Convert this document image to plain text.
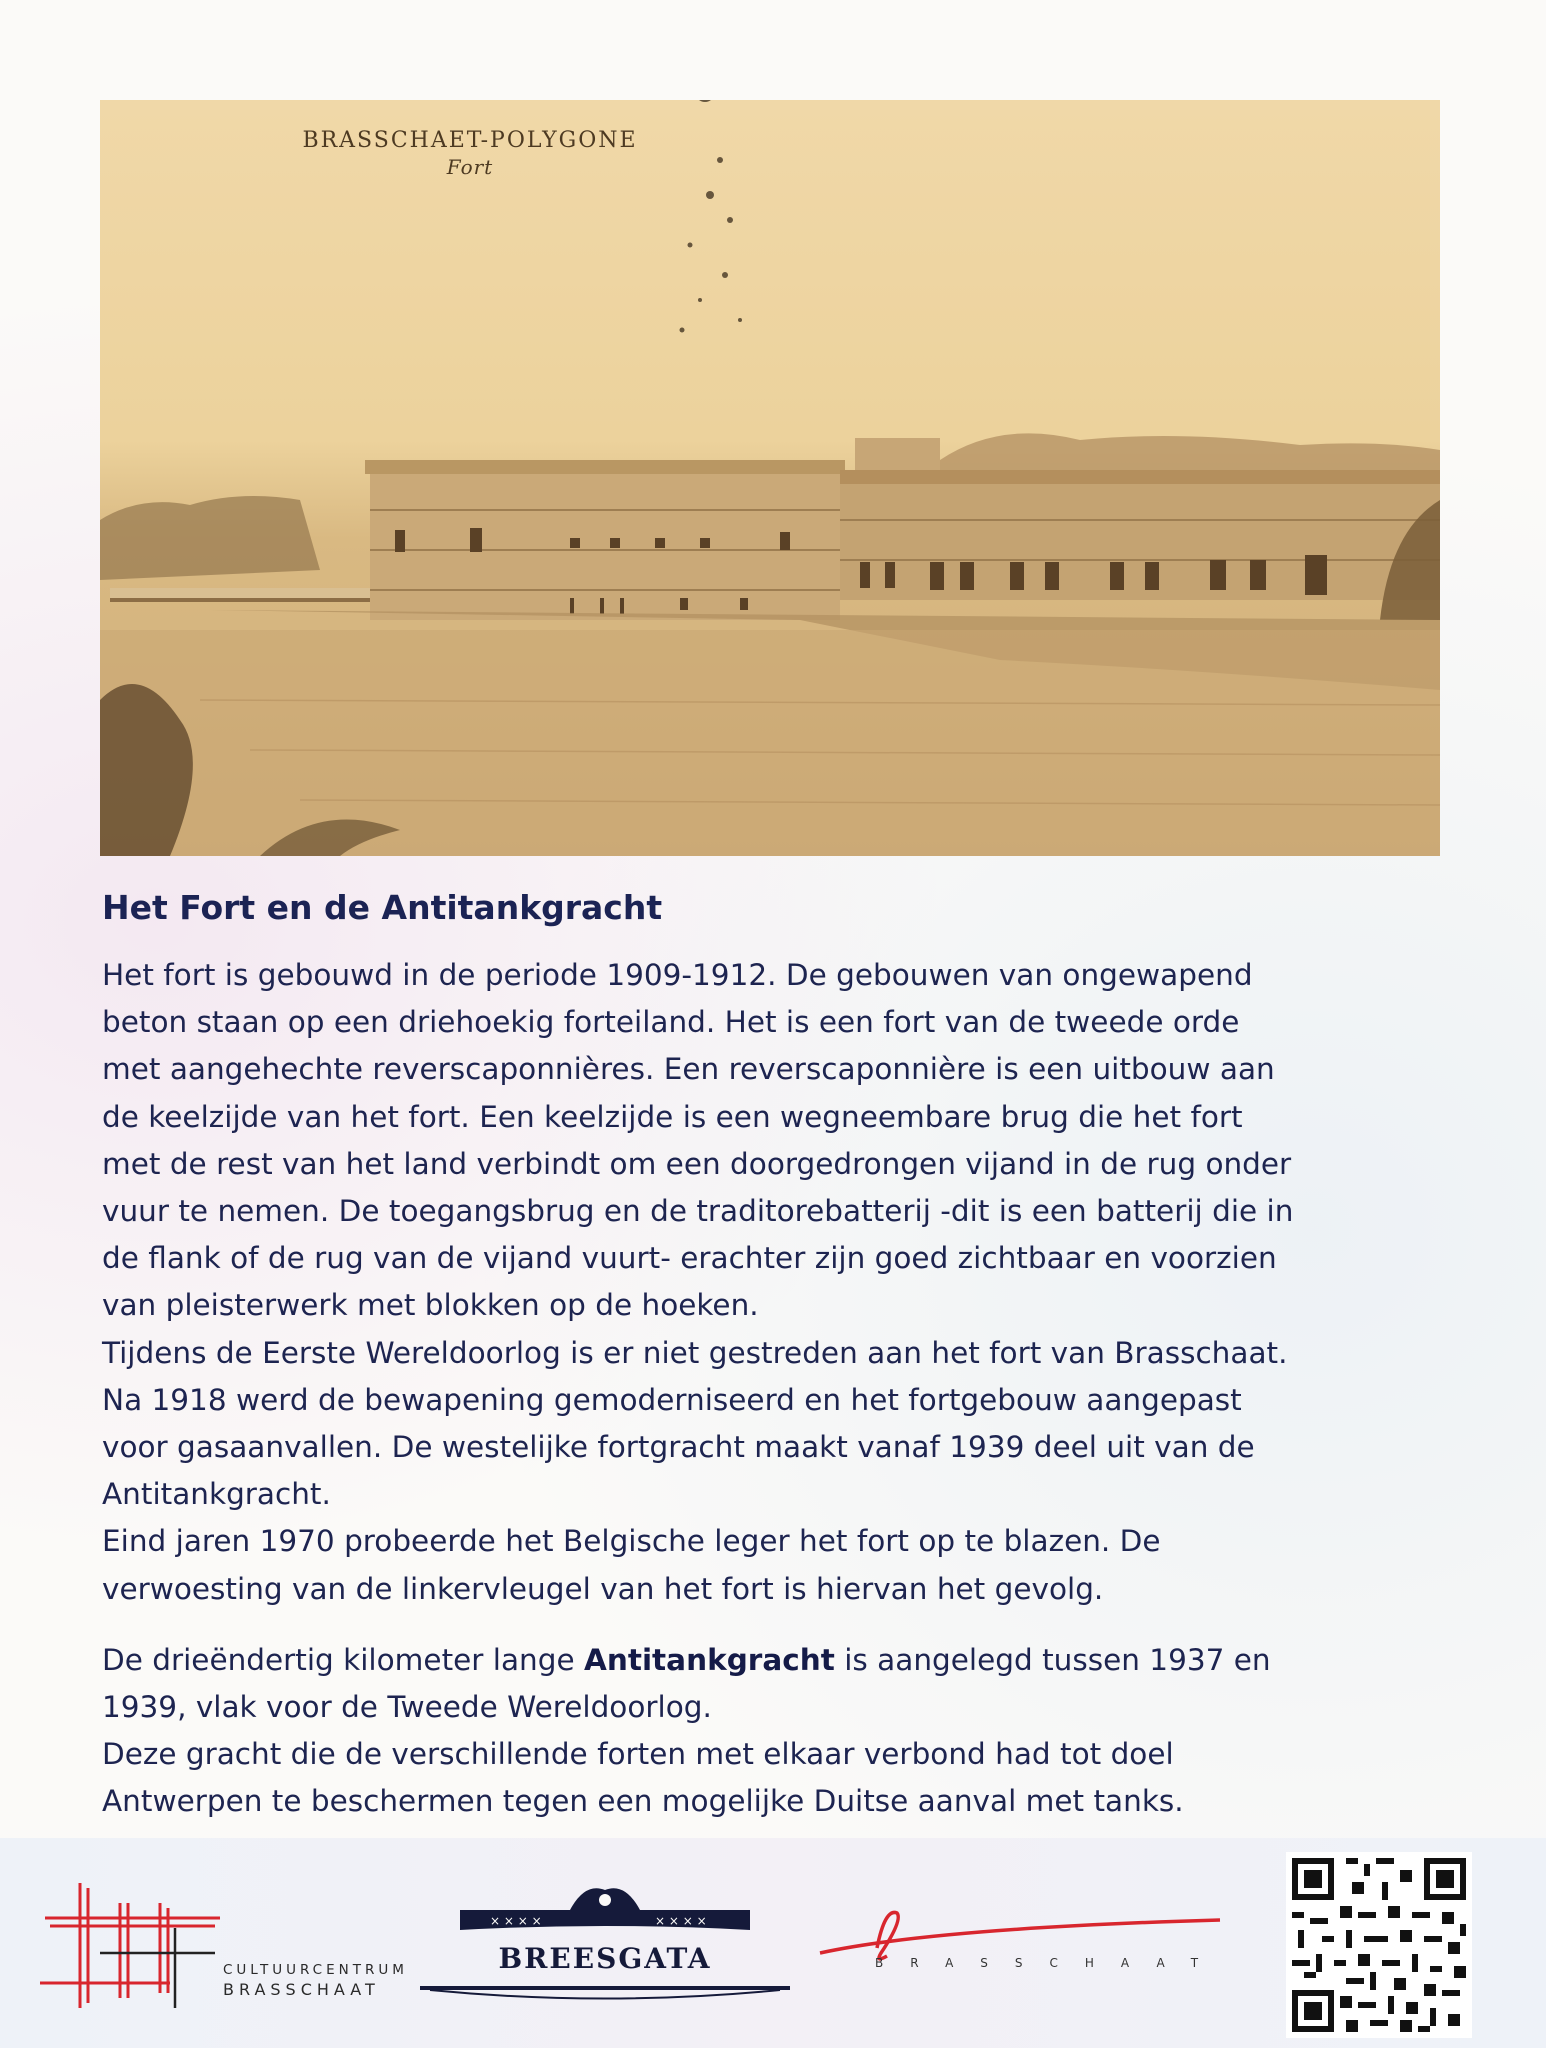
BRASSCHAET-POLYGONE
Fort
Het Fort en de Antitankgracht

Het fort is gebouwd in de periode 1909-1912. De gebouwen van ongewapend
beton staan op een driehoekig forteiland. Het is een fort van de tweede orde
met aangehechte reverscaponnières. Een reverscaponnière is een uitbouw aan
de keelzijde van het fort. Een keelzijde is een wegneembare brug die het fort
met de rest van het land verbindt om een doorgedrongen vijand in de rug onder
vuur te nemen. De toegangsbrug en de traditorebatterij -dit is een batterij die in
de flank of de rug van de vijand vuurt- erachter zijn goed zichtbaar en voorzien
van pleisterwerk met blokken op de hoeken.
Tijdens de Eerste Wereldoorlog is er niet gestreden aan het fort van Brasschaat.
Na 1918 werd de bewapening gemoderniseerd en het fortgebouw aangepast
voor gasaanvallen. De westelijke fortgracht maakt vanaf 1939 deel uit van de
Antitankgracht.
Eind jaren 1970 probeerde het Belgische leger het fort op te blazen. De
verwoesting van de linkervleugel van het fort is hiervan het gevolg.

De drieëndertig kilometer lange Antitankgracht is aangelegd tussen 1937 en
1939, vlak voor de Tweede Wereldoorlog.
Deze gracht die de verschillende forten met elkaar verbond had tot doel
Antwerpen te beschermen tegen een mogelijke Duitse aanval met tanks.

CULTUURCENTRUM
BRASSCHAAT
× × × ×	× × × ×
BREESGATA	BRASSCHAAT
